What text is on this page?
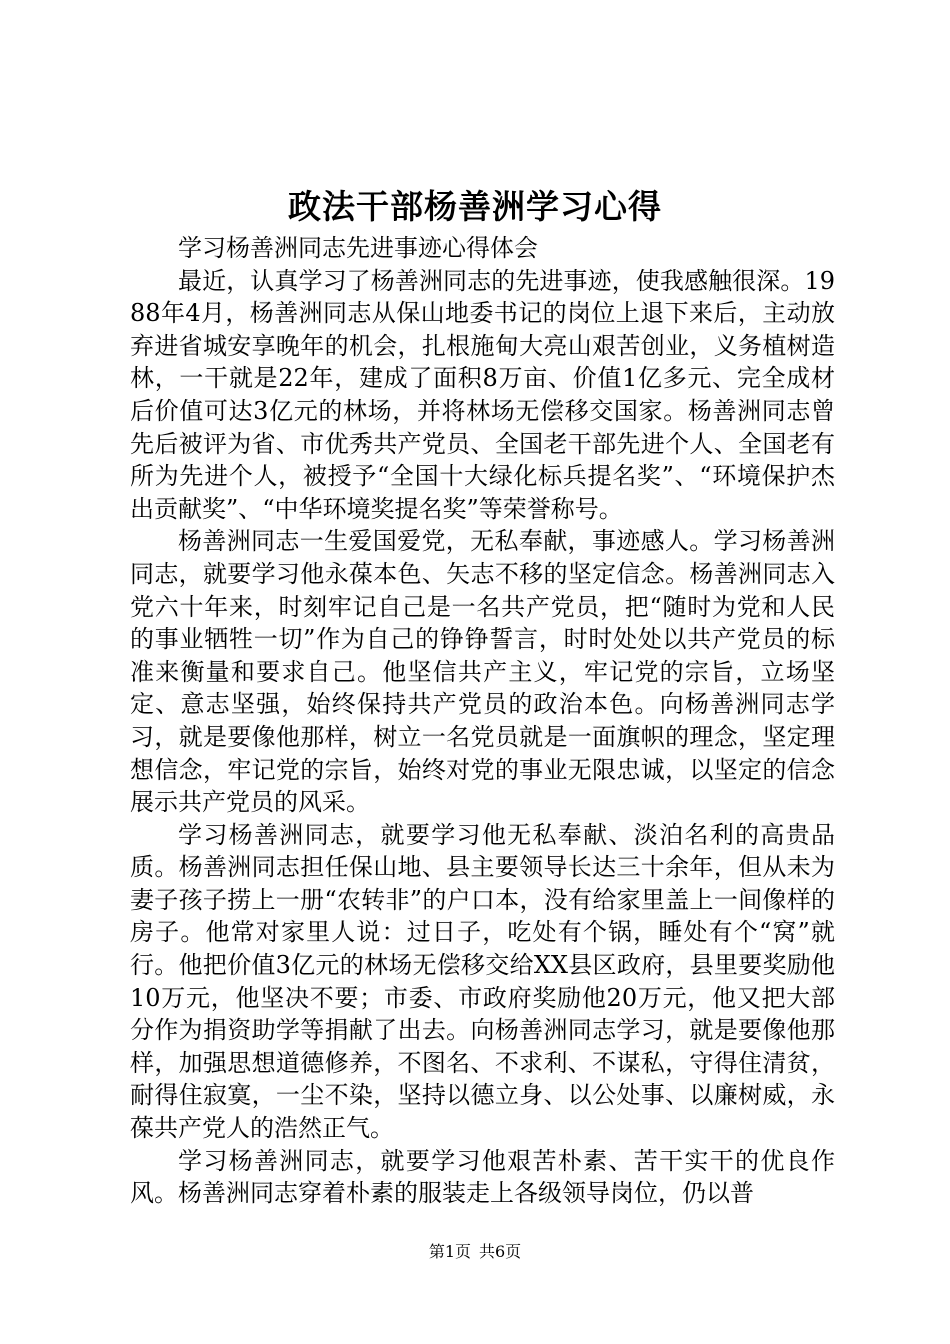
政法干部杨善洲学习心得

学习杨善洲同志先进事迹心得体会

最近，认真学习了杨善洲同志的先进事迹，使我感触很深。1988年4月，杨善洲同志从保山地委书记的岗位上退下来后，主动放弃进省城安享晚年的机会，扎根施甸大亮山艰苦创业，义务植树造林，一干就是22年，建成了面积8万亩、价值1亿多元、完全成材后价值可达3亿元的林场，并将林场无偿移交国家。杨善洲同志曾先后被评为省、市优秀共产党员、全国老干部先进个人、全国老有所为先进个人，被授予“全国十大绿化标兵提名奖”、“环境保护杰出贡献奖”、“中华环境奖提名奖”等荣誉称号。

杨善洲同志一生爱国爱党，无私奉献，事迹感人。学习杨善洲同志，就要学习他永葆本色、矢志不移的坚定信念。杨善洲同志入党六十年来，时刻牢记自己是一名共产党员，把“随时为党和人民的事业牺牲一切”作为自己的铮铮誓言，时时处处以共产党员的标准来衡量和要求自己。他坚信共产主义，牢记党的宗旨，立场坚定、意志坚强，始终保持共产党员的政治本色。向杨善洲同志学习，就是要像他那样，树立一名党员就是一面旗帜的理念，坚定理想信念，牢记党的宗旨，始终对党的事业无限忠诚，以坚定的信念展示共产党员的风采。

学习杨善洲同志，就要学习他无私奉献、淡泊名利的高贵品质。杨善洲同志担任保山地、县主要领导长达三十余年，但从未为妻子孩子捞上一册“农转非”的户口本，没有给家里盖上一间像样的房子。他常对家里人说：过日子，吃处有个锅，睡处有个“窝”就行。他把价值3亿元的林场无偿移交给XX县区政府，县里要奖励他10万元，他坚决不要；市委、市政府奖励他20万元，他又把大部分作为捐资助学等捐献了出去。向杨善洲同志学习，就是要像他那样，加强思想道德修养，不图名、不求利、不谋私，守得住清贫，耐得住寂寞，一尘不染，坚持以德立身、以公处事、以廉树威，永葆共产党人的浩然正气。

学习杨善洲同志，就要学习他艰苦朴素、苦干实干的优良作风。杨善洲同志穿着朴素的服装走上各级领导岗位，仍以普

第1页 共6页
